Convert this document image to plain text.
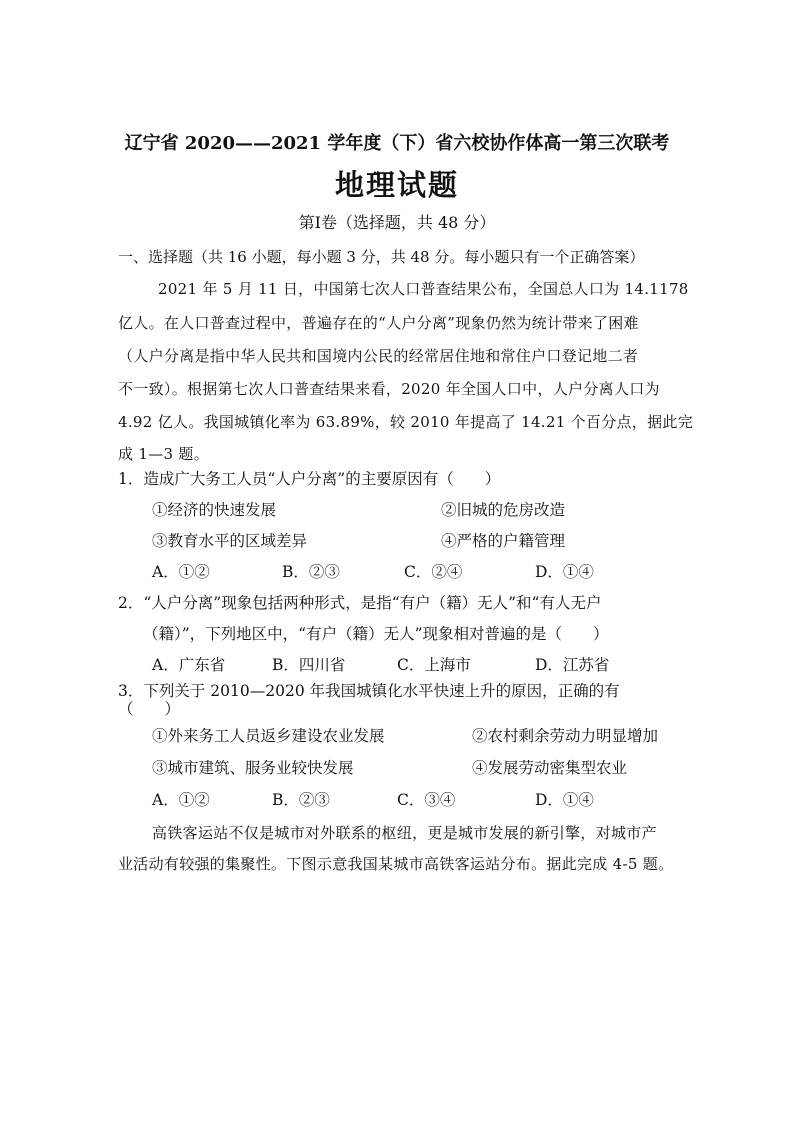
辽宁省 2020——2021 学年度（下）省六校协作体高一第三次联考
地理试题
第Ⅰ卷（选择题，共 48 分）
一、选择题（共 16 小题，每小题 3 分，共 48 分。每小题只有一个正确答案）
2021 年 5 月 11 日，中国第七次人口普查结果公布，全国总人口为 14.1178
亿人。在人口普查过程中，普遍存在的“人户分离”现象仍然为统计带来了困难
（人户分离是指中华人民共和国境内公民的经常居住地和常住户口登记地二者
不一致）。根据第七次人口普查结果来看，2020 年全国人口中，人户分离人口为
4.92 亿人。我国城镇化率为 63.89%，较 2010 年提高了 14.21 个百分点，据此完
成 1—3 题。
1．造成广大务工人员“人户分离”的主要原因有（　　）
①经济的快速发展	②旧城的危房改造
③教育水平的区域差异	④严格的户籍管理
A．①②	B．②③	C．②④	D．①④
2．“人户分离”现象包括两种形式，是指“有户（籍）无人”和“有人无户
（籍）”，下列地区中，“有户（籍）无人”现象相对普遍的是（　　）
A．广东省	B．四川省	C．上海市	D．江苏省
3．下列关于 2010—2020 年我国城镇化水平快速上升的原因，正确的有
（　　）
①外来务工人员返乡建设农业发展	②农村剩余劳动力明显增加
③城市建筑、服务业较快发展	④发展劳动密集型农业
A．①②	B．②③	C．③④	D．①④
高铁客运站不仅是城市对外联系的枢纽，更是城市发展的新引擎，对城市产
业活动有较强的集聚性。下图示意我国某城市高铁客运站分布。据此完成 4-5 题。
